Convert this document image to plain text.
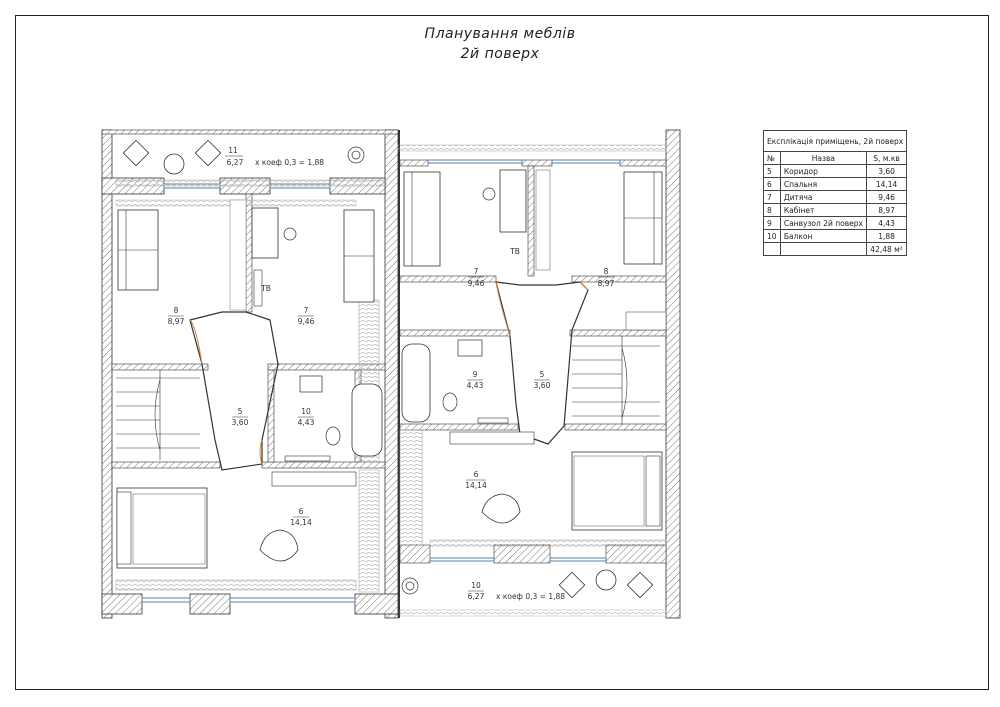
Планування меблів
2й поверх
11
6,27 х коеф 0,3 = 1,88
8
8,97
7
9,46
5
3,60
10
4,43
6
14,14
ТВ
7
9,46
8
8,97
9
4,43
5
3,60
6
14,14
10
6,27 х коеф 0,3 = 1,88
ТВ
Експлікація приміщень, 2й поверх		
№	Назва	S, м.кв
5	Коридор	3,60
6	Спальня	14,14
7	Дитяча	9,46
8	Кабінет	8,97
9	Санвузол 2й поверх	4,43
10	Балкон	1,88
		42,48 м²
